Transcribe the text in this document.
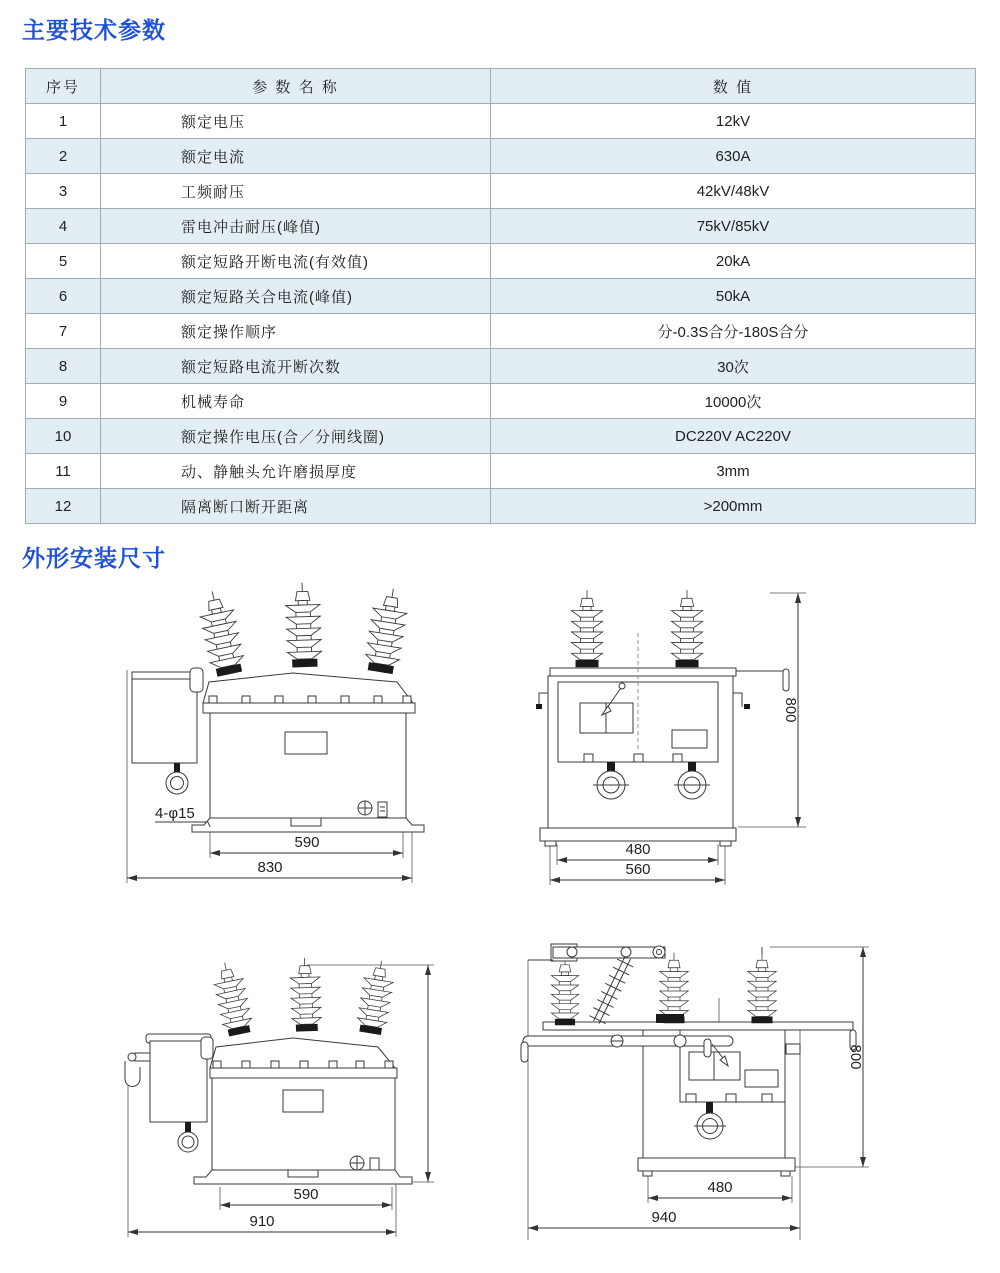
主要技术参数
序号	参 数 名 称	数 值
1	额定电压	12kV
2	额定电流	630A
3	工频耐压	42kV/48kV
4	雷电冲击耐压(峰值)	75kV/85kV
5	额定短路开断电流(有效值)	20kA
6	额定短路关合电流(峰值)	50kA
7	额定操作顺序	分-0.3S合分-180S合分
8	额定短路电流开断次数	30次
9	机械寿命	10000次
10	额定操作电压(合／分闸线圈)	DC220V AC220V
11	动、静触头允许磨损厚度	3mm
12	隔离断口断开距离	>200mm
外形安装尺寸
4-φ15
590
830
480
560
800
590
910
480
940
800
